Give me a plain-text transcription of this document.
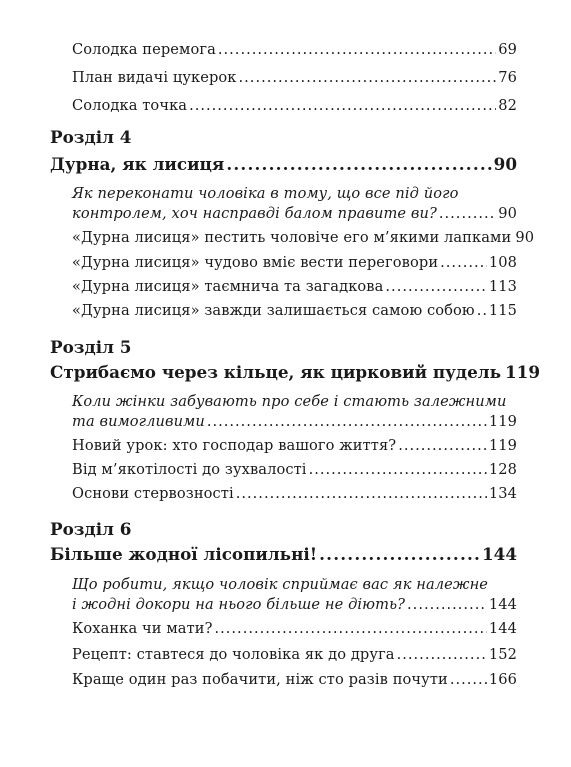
Солодка перемога .....	69
План видачі цукерок .....	76
Солодка точка .....	82
Розділ 4
Дурна, як лисиця .....	90
Як переконати чоловіка в тому, що все під його
контролем, хоч насправді балом правите ви? .....	90
«Дурна лисиця» пестить чоловіче его м’якими лапками 90
«Дурна лисиця» чудово вміє вести переговори .....	108
«Дурна лисиця» таємнича та загадкова .....	113
«Дурна лисиця» завжди залишається самою собою ..... 115
Розділ 5
Стрибаємо через кільце, як цирковий пудель 119
Коли жінки забувають про себе і стають залежними
та вимогливими .....	119
Новий урок: хто господар вашого життя? .....	119
Від м’якотілості до зухвалості .....	128
Основи стервозності .....	134
Розділ 6
Більше жодної лісопильні! .....	144
Що робити, якщо чоловік сприймає вас як належне
і жодні докори на нього більше не діють? .....	144
Коханка чи мати? .....	144
Рецепт: ставтеся до чоловіка як до друга .....	152
Краще один раз побачити, ніж сто разів почути .....	166
